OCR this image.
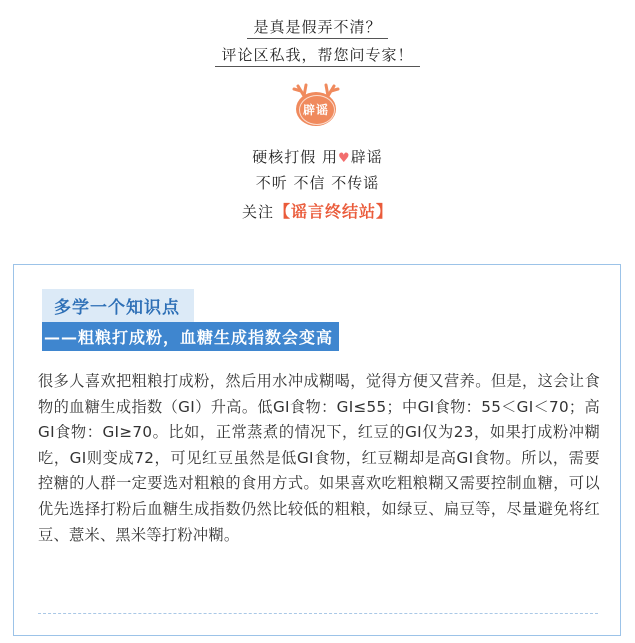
是真是假弄不清？
评论区私我，帮您问专家！
辟谣
硬核打假 用♥辟谣
不听 不信 不传谣
关注【谣言终结站】
多学一个知识点
——粗粮打成粉，血糖生成指数会变高
很多人喜欢把粗粮打成粉，然后用水冲成糊喝，觉得方便又营养。但是，这会让食物的血糖生成指数（GI）升高。低GI食物：GI≤55；中GI食物：55＜GI＜70；高GI食物：GI≥70。比如，正常蒸煮的情况下，红豆的GI仅为23，如果打成粉冲糊吃，GI则变成72，可见红豆虽然是低GI食物，红豆糊却是高GI食物。所以，需要控糖的人群一定要选对粗粮的食用方式。如果喜欢吃粗粮糊又需要控制血糖，可以优先选择打粉后血糖生成指数仍然比较低的粗粮，如绿豆、扁豆等，尽量避免将红豆、薏米、黑米等打粉冲糊。
